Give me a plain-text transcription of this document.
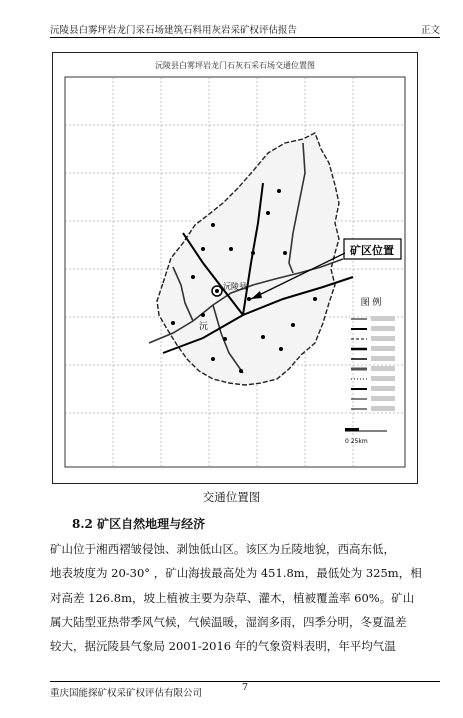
沅陵县白雾坪岩龙门采石场建筑石料用灰岩采矿权评估报告	正文
沅陵县白雾坪岩龙门石灰石采石场交通位置图
沅陵县
沅
矿区位置
图 例
0 25km
交通位置图
8.2 矿区自然地理与经济
矿山位于湘西褶皱侵蚀、剥蚀低山区。该区为丘陵地貌，西高东低，
地表坡度为 20-30° ，矿山海拔最高处为 451.8m，最低处为 325m，相
对高差 126.8m，坡上植被主要为杂草、灌木，植被覆盖率 60%。矿山
属大陆型亚热带季风气候，气候温暖，湿润多雨，四季分明，冬夏温差
较大，据沅陵县气象局 2001-2016 年的气象资料表明，年平均气温
重庆国能探矿权采矿权评估有限公司
7
